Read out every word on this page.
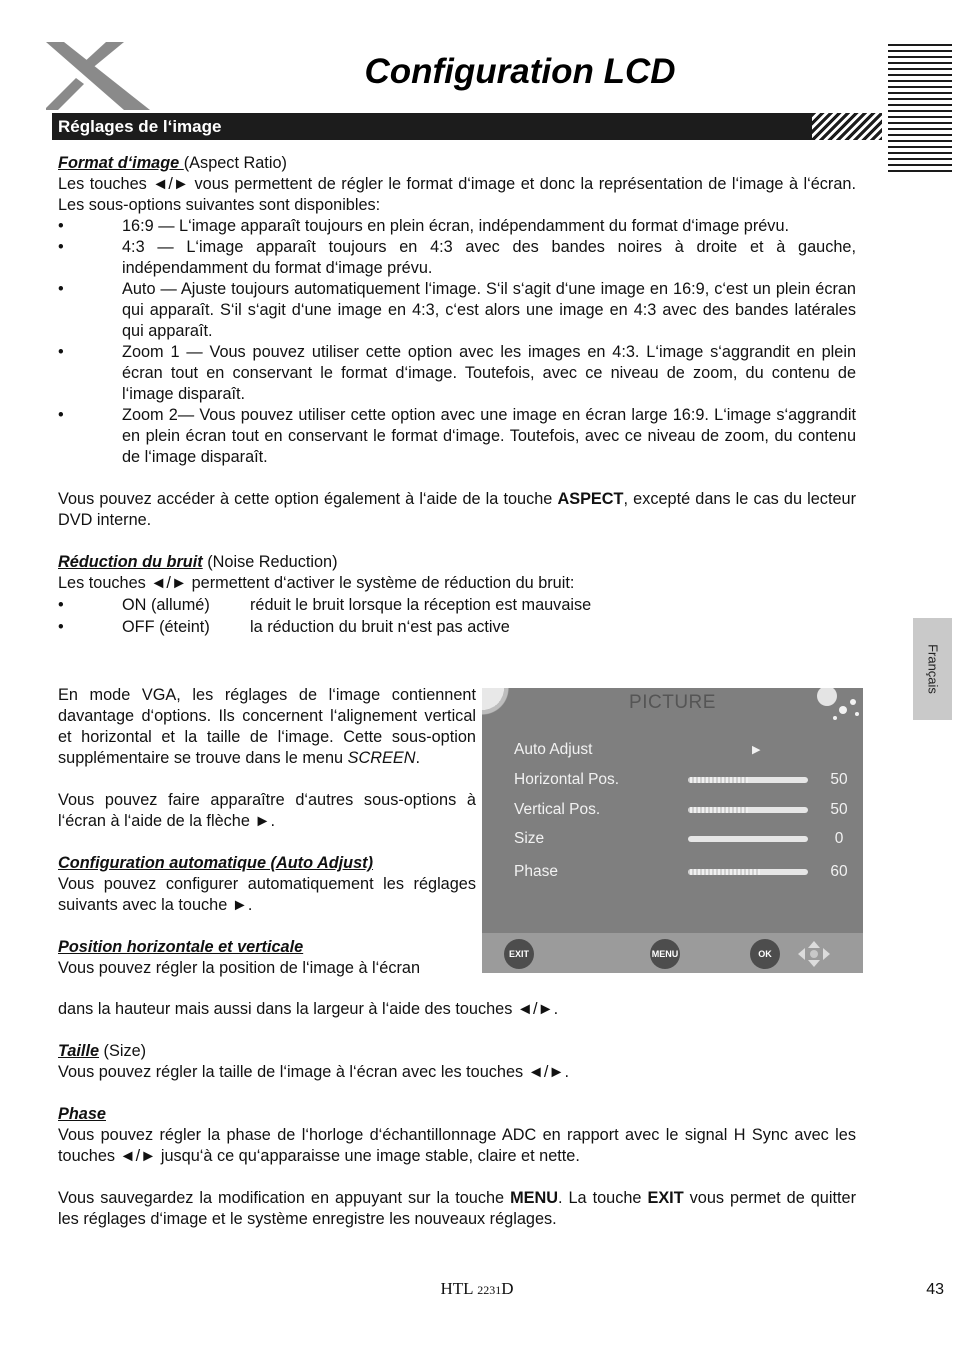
Configuration LCD
Réglages de l‘image

Format d‘image (Aspect Ratio)

Les touches ◄/► vous permettent de régler le format d‘image et donc la représentation de l‘image à l‘écran. Les sous-options suivantes sont disponibles:

• 16:9 — L‘image apparaît toujours en plein écran, indépendamment du format d‘image prévu.
• 4:3 — L‘image apparaît toujours en 4:3 avec des bandes noires à droite et à gauche, indépendamment du format d‘image prévu.
• Auto — Ajuste toujours automatiquement l‘image. S‘il s‘agit d‘une image en 16:9, c‘est un plein écran qui apparaît. S‘il s‘agit d‘une image en 4:3, c‘est alors une image en 4:3 avec des bandes latérales qui apparaît.
• Zoom 1 — Vous pouvez utiliser cette option avec les images en 4:3. L‘image s‘aggrandit en plein écran tout en conservant le format d‘image. Toutefois, avec ce niveau de zoom, du contenu de l‘image disparaît.
• Zoom 2— Vous pouvez utiliser cette option avec une image en écran large 16:9. L‘image s‘aggrandit en plein écran tout en conservant le format d‘image. Toutefois, avec ce niveau de zoom, du contenu de l‘image disparaît.

Vous pouvez accéder à cette option également à l‘aide de la touche ASPECT, excepté dans le cas du lecteur DVD interne.

Réduction du bruit (Noise Reduction)

Les touches ◄/► permettent d‘activer le système de réduction du bruit:

• ON (allumé) réduit le bruit lorsque la réception est mauvaise
• OFF (éteint) la réduction du bruit n‘est pas active

En mode VGA, les réglages de l‘image contiennent davantage d‘options. Ils concernent l‘alignement vertical et horizontal et la taille de l‘image. Cette sous-option supplémentaire se trouve dans le menu SCREEN.

Vous pouvez faire apparaître d‘autres sous-options à l‘écran à l‘aide de la flèche ►.

Configuration automatique (Auto Adjust)

Vous pouvez configurer automatiquement les réglages suivants avec la touche ►.

Position horizontale et verticale

Vous pouvez régler la position de l‘image à l‘écran

dans la hauteur mais aussi dans la largeur à l‘aide des touches ◄/►.

Taille (Size)

Vous pouvez régler la taille de l‘image à l‘écran avec les touches ◄/►.

Phase

Vous pouvez régler la phase de l‘horloge d‘échantillonnage ADC en rapport avec le signal H Sync avec les touches ◄/► jusqu‘à ce qu‘apparaisse une image stable, claire et nette.

Vous sauvegardez la modification en appuyant sur la touche MENU. La touche EXIT vous permet de quitter les réglages d‘image et le système enregistre les nouveaux réglages.

Français
PICTURE
Auto Adjust	▶
Horizontal Pos.	50
Vertical Pos.	50
Size	0
Phase	60
EXIT	MENU	OK
HTL 2231D	43
